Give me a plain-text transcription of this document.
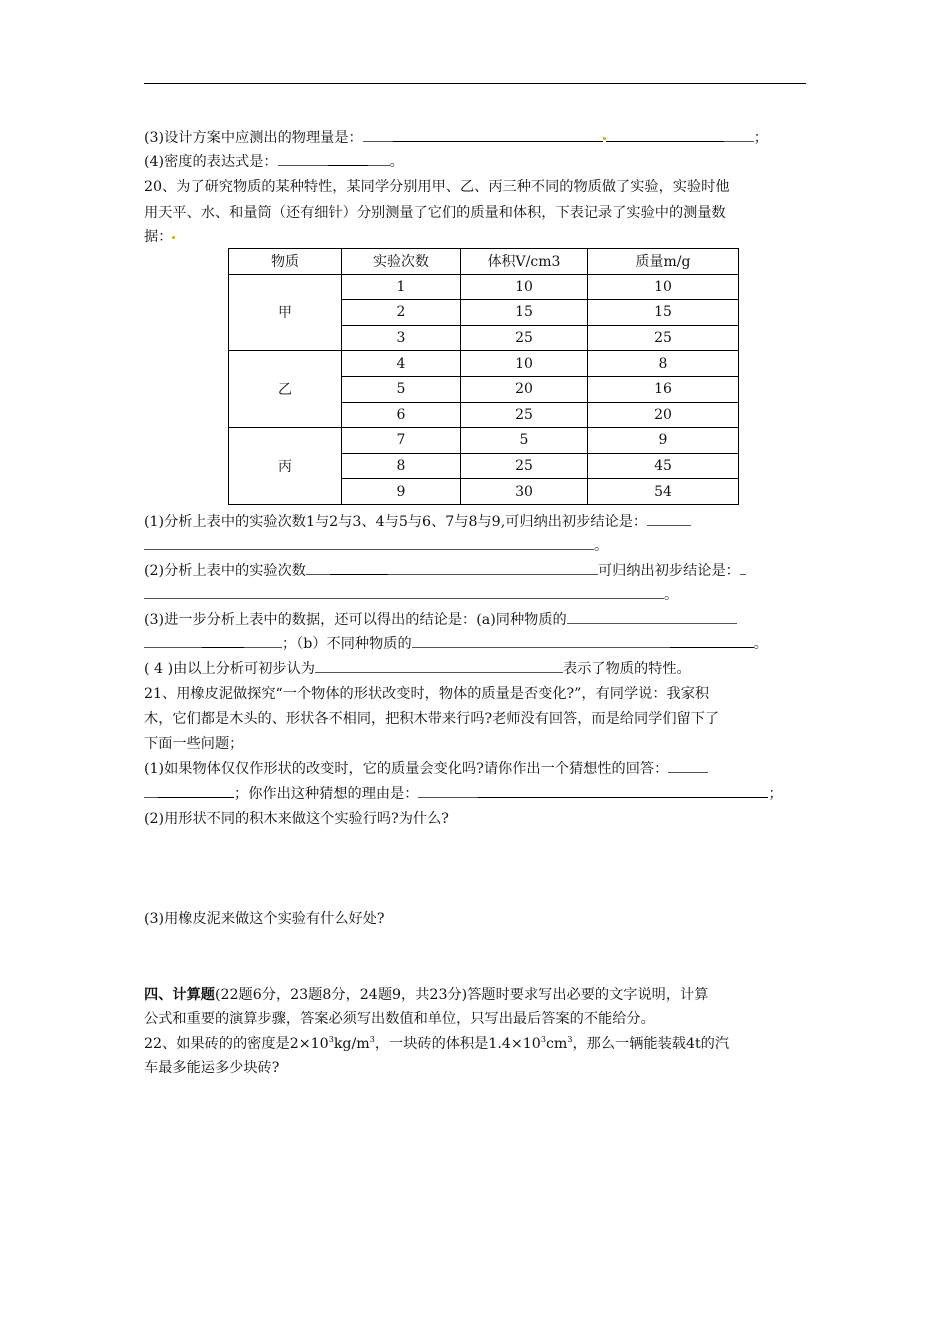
(3)设计方案中应测出的物理量是：	；
(4)密度的表达式是：	。
20、为了研究物质的某种特性，某同学分别用甲、乙、丙三种不同的物质做了实验，实验时他
用天平、水、和量筒（还有细针）分别测量了它们的质量和体积，下表记录了实验中的测量数
据：
物质	实验次数	体积V/cm3	质量m/g
甲	1	10	10
	2	15	15
	3	25	25
乙	4	10	8
	5	20	16
	6	25	20
丙	7	5	9
	8	25	45
	9	30	54
(1)分析上表中的实验次数1与2与3、4与5与6、7与8与9,可归纳出初步结论是：
。
(2)分析上表中的实验次数	可归纳出初步结论是：
。
(3)进一步分析上表中的数据，还可以得出的结论是：(a)同种物质的
；（b）不同种物质的	。
( 4 )由以上分析可初步认为	表示了物质的特性。
21、用橡皮泥做探究“一个物体的形状改变时，物体的质量是否变化?”，有同学说：我家积
木，它们都是木头的、形状各不相同，把积木带来行吗?老师没有回答，而是给同学们留下了
下面一些问题；
(1)如果物体仅仅作形状的改变时，它的质量会变化吗?请你作出一个猜想性的回答：
；你作出这种猜想的理由是：	；
(2)用形状不同的积木来做这个实验行吗?为什么?
(3)用橡皮泥来做这个实验有什么好处?
四、计算题(22题6分，23题8分，24题9，共23分)答题时要求写出必要的文字说明，计算
公式和重要的演算步骤，答案必须写出数值和单位，只写出最后答案的不能给分。
22、如果砖的的密度是$2\times 10^3kg/m^3$，一块砖的体积是$1.4\times 10^3cm^3$，那么一辆能装载4t的汽
车最多能运多少块砖?
